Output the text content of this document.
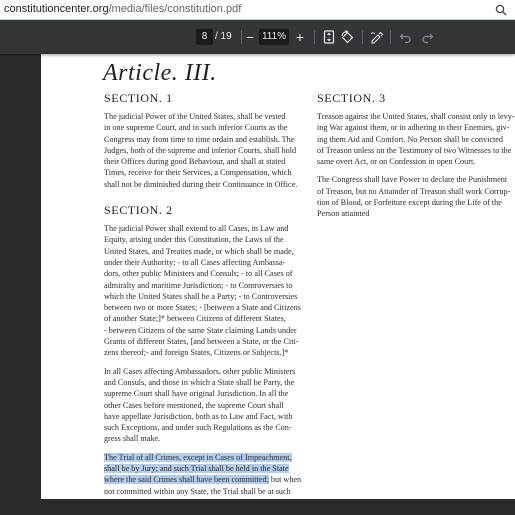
constitutioncenter.org/media/files/constitution.pdf
8 / 19	− 111% +
Article. III.
SECTION. 1
The judicial Power of the United States, shall be vested
in one supreme Court, and in such inferior Courts as the
Congress may from time to time ordain and establish. The
Judges, both of the supreme and inferior Courts, shall hold
their Offices during good Behaviour, and shall at stated
Times, receive for their Services, a Compensation, which
shall not be diminished during their Continuance in Office.
SECTION. 2
The judicial Power shall extend to all Cases, in Law and
Equity, arising under this Constitution, the Laws of the
United States, and Treaties made, or which shall be made,
under their Authority; - to all Cases affecting Ambassa-
dors, other public Ministers and Consuls; - to all Cases of
admiralty and maritime Jurisdiction; - to Controversies to
which the United States shall be a Party; - to Controversies
between two or more States; - [between a State and Citizens
of another State;]* between Citizens of different States,
- between Citizens of the same State claiming Lands under
Grants of different States, [and between a State, or the Citi-
zens thereof;- and foreign States, Citizens or Subjects.]*
In all Cases affecting Ambassadors, other public Ministers
and Consuls, and those in which a State shall be Party, the
supreme Court shall have original Jurisdiction. In all the
other Cases before mentioned, the supreme Court shall
have appellate Jurisdiction, both as to Law and Fact, with
such Exceptions, and under such Regulations as the Con-
gress shall make.
The Trial of all Crimes, except in Cases of Impeachment,
shall be by Jury; and such Trial shall be held in the State
where the said Crimes shall have been committed; but when
not committed within any State, the Trial shall be at such
Place or Places as the Congress may by Law have directed.
SECTION. 3
Treason against the United States, shall consist only in levy-
ing War against them, or in adhering to their Enemies, giv-
ing them Aid and Comfort. No Person shall be convicted
of Treason unless on the Testimony of two Witnesses to the
same overt Act, or on Confession in open Court.
The Congress shall have Power to declare the Punishment
of Treason, but no Attainder of Treason shall work Corrup-
tion of Blood, or Forfeiture except during the Life of the
Person attainted
